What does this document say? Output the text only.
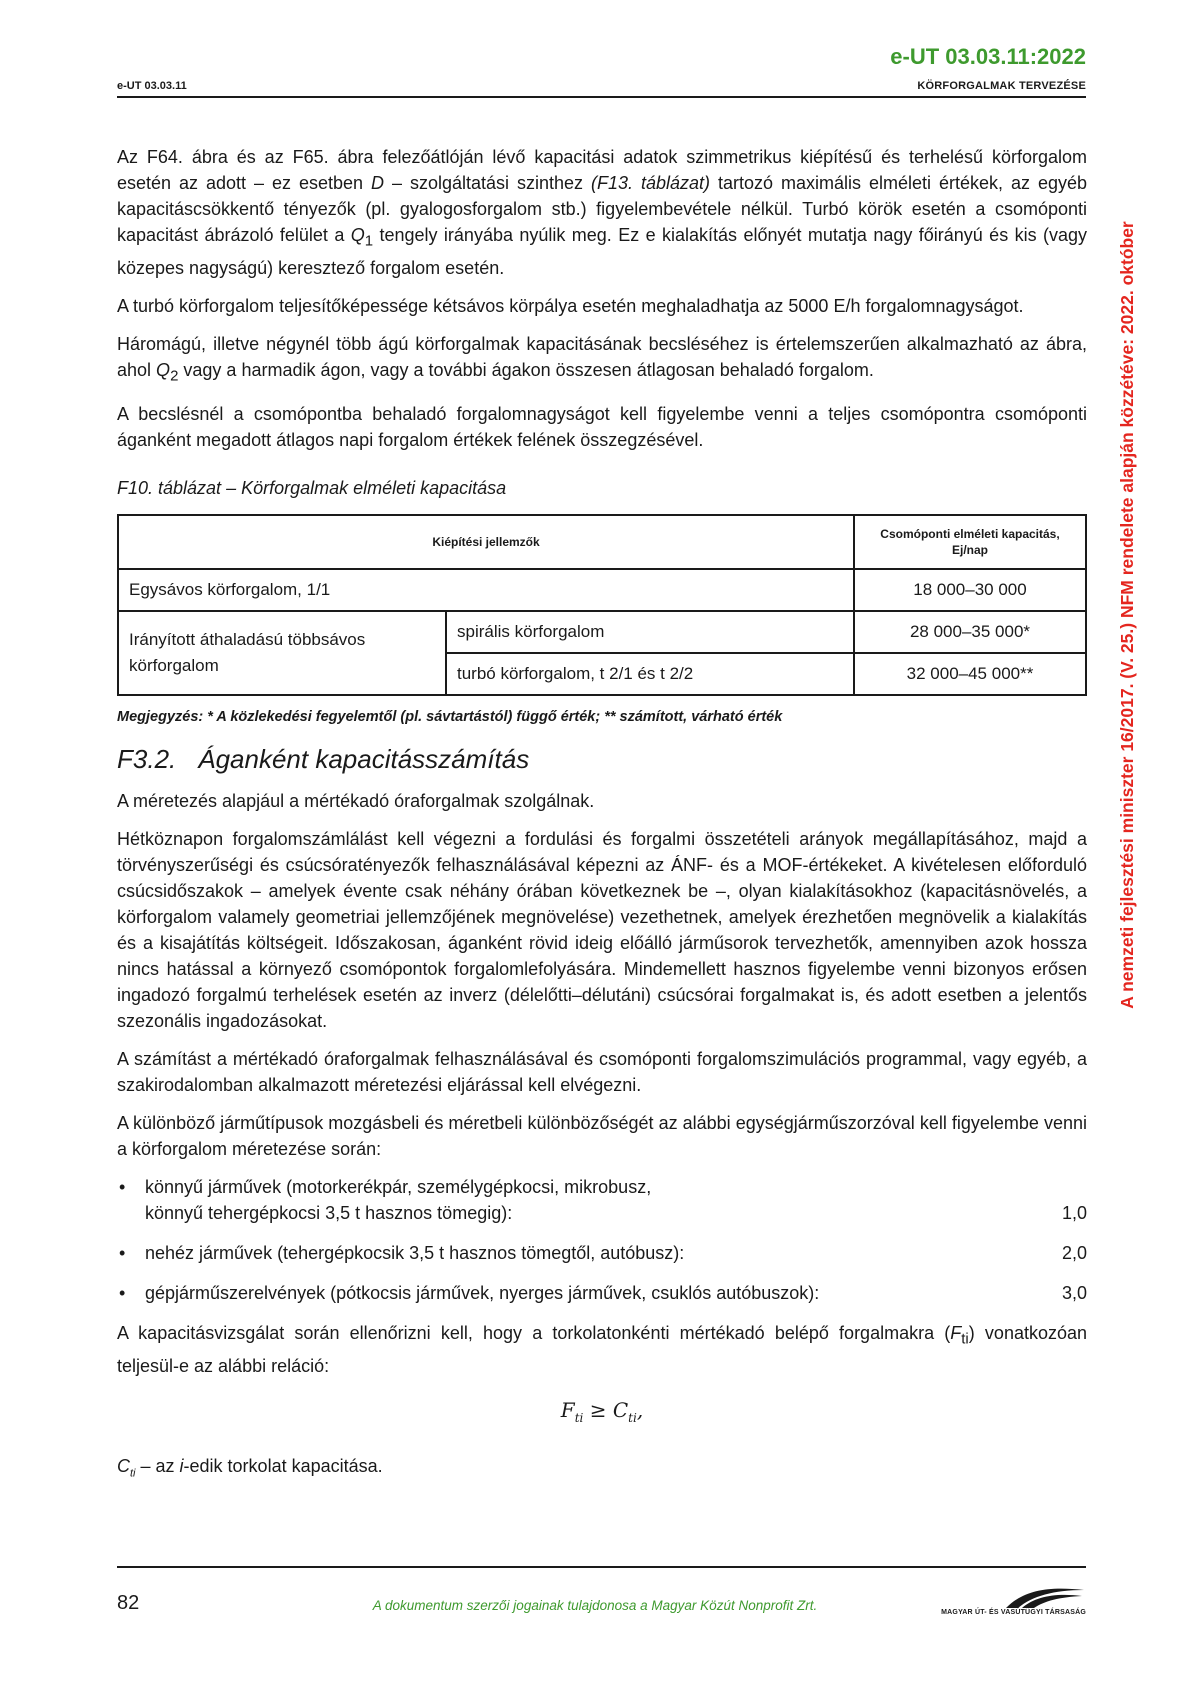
e-UT 03.03.11:2022
e-UT 03.03.11	KÖRFORGALMAK TERVEZÉSE
A nemzeti fejlesztési miniszter 16/2017. (V. 25.) NFM rendelete alapján közzétéve: 2022. október

Az F64. ábra és az F65. ábra felezőátlóján lévő kapacitási adatok szimmetrikus kiépítésű és terhelésű körforgalom esetén az adott – ez esetben D – szolgáltatási szinthez (F13. táblázat) tartozó maximális elméleti értékek, az egyéb kapacitáscsökkentő tényezők (pl. gyalogosforgalom stb.) figyelembevétele nélkül. Turbó körök esetén a csomóponti kapacitást ábrázoló felület a $Q_1$ tengely irányába nyúlik meg. Ez e kialakítás előnyét mutatja nagy főirányú és kis (vagy közepes nagyságú) keresztező forgalom esetén.

A turbó körforgalom teljesítőképessége kétsávos körpálya esetén meghaladhatja az 5000 E/h forgalomnagyságot.

Háromágú, illetve négynél több ágú körforgalmak kapacitásának becsléséhez is értelemszerűen alkalmazható az ábra, ahol $Q_2$ vagy a harmadik ágon, vagy a további ágakon összesen átlagosan behaladó forgalom.

A becslésnél a csomópontba behaladó forgalomnagyságot kell figyelembe venni a teljes csomópontra csomóponti áganként megadott átlagos napi forgalom értékek felének összegzésével.

F10. táblázat – Körforgalmak elméleti kapacitása
Kiépítési jellemzők		Csomóponti elméleti kapacitás, Ej/nap
Egysávos körforgalom, 1/1		18 000–30 000
Irányított áthaladású többsávos körforgalom	spirális körforgalom	28 000–35 000*
	turbó körforgalom, t 2/1 és t 2/2	32 000–45 000**
Megjegyzés: * A közlekedési fegyelemtől (pl. sávtartástól) függő érték; ** számított, várható érték
F3.2. Áganként kapacitásszámítás

A méretezés alapjául a mértékadó óraforgalmak szolgálnak.

Hétköznapon forgalomszámlálást kell végezni a fordulási és forgalmi összetételi arányok megállapításához, majd a törvényszerűségi és csúcsóratényezők felhasználásával képezni az ÁNF- és a MOF-értékeket. A kivételesen előforduló csúcsidőszakok – amelyek évente csak néhány órában következnek be –, olyan kialakításokhoz (kapacitásnövelés, a körforgalom valamely geometriai jellemzőjének megnövelése) vezethetnek, amelyek érezhetően megnövelik a kialakítás és a kisajátítás költségeit. Időszakosan, áganként rövid ideig előálló járműsorok tervezhetők, amennyiben azok hossza nincs hatással a környező csomópontok forgalomlefolyására. Mindemellett hasznos figyelembe venni bizonyos erősen ingadozó forgalmú terhelések esetén az inverz (délelőtti–délutáni) csúcsórai forgalmakat is, és adott esetben a jelentős szezonális ingadozásokat.

A számítást a mértékadó óraforgalmak felhasználásával és csomóponti forgalomszimulációs programmal, vagy egyéb, a szakirodalomban alkalmazott méretezési eljárással kell elvégezni.

A különböző járműtípusok mozgásbeli és méretbeli különbözőségét az alábbi egységjárműszorzóval kell figyelembe venni a körforgalom méretezése során:

• könnyű járművek (motorkerékpár, személygépkocsi, mikrobusz,
könnyű tehergépkocsi 3,5 t hasznos tömegig):	1,0
• nehéz járművek (tehergépkocsik 3,5 t hasznos tömegtől, autóbusz):	2,0
• gépjárműszerelvények (pótkocsis járművek, nyerges járművek, csuklós autóbuszok):	3,0

A kapacitásvizsgálat során ellenőrizni kell, hogy a torkolatonkénti mértékadó belépő forgalmakra $(F_{ti})$ vonatkozóan teljesül-e az alábbi reláció:

$F_{ti} \ge C_{ti}$,
$C_{ti}$ – az i-edik torkolat kapacitása.
82	A dokumentum szerzői jogainak tulajdonosa a Magyar Közút Nonprofit Zrt.	MAGYAR ÚT- ÉS VASÚTÜGYI TÁRSASÁG
